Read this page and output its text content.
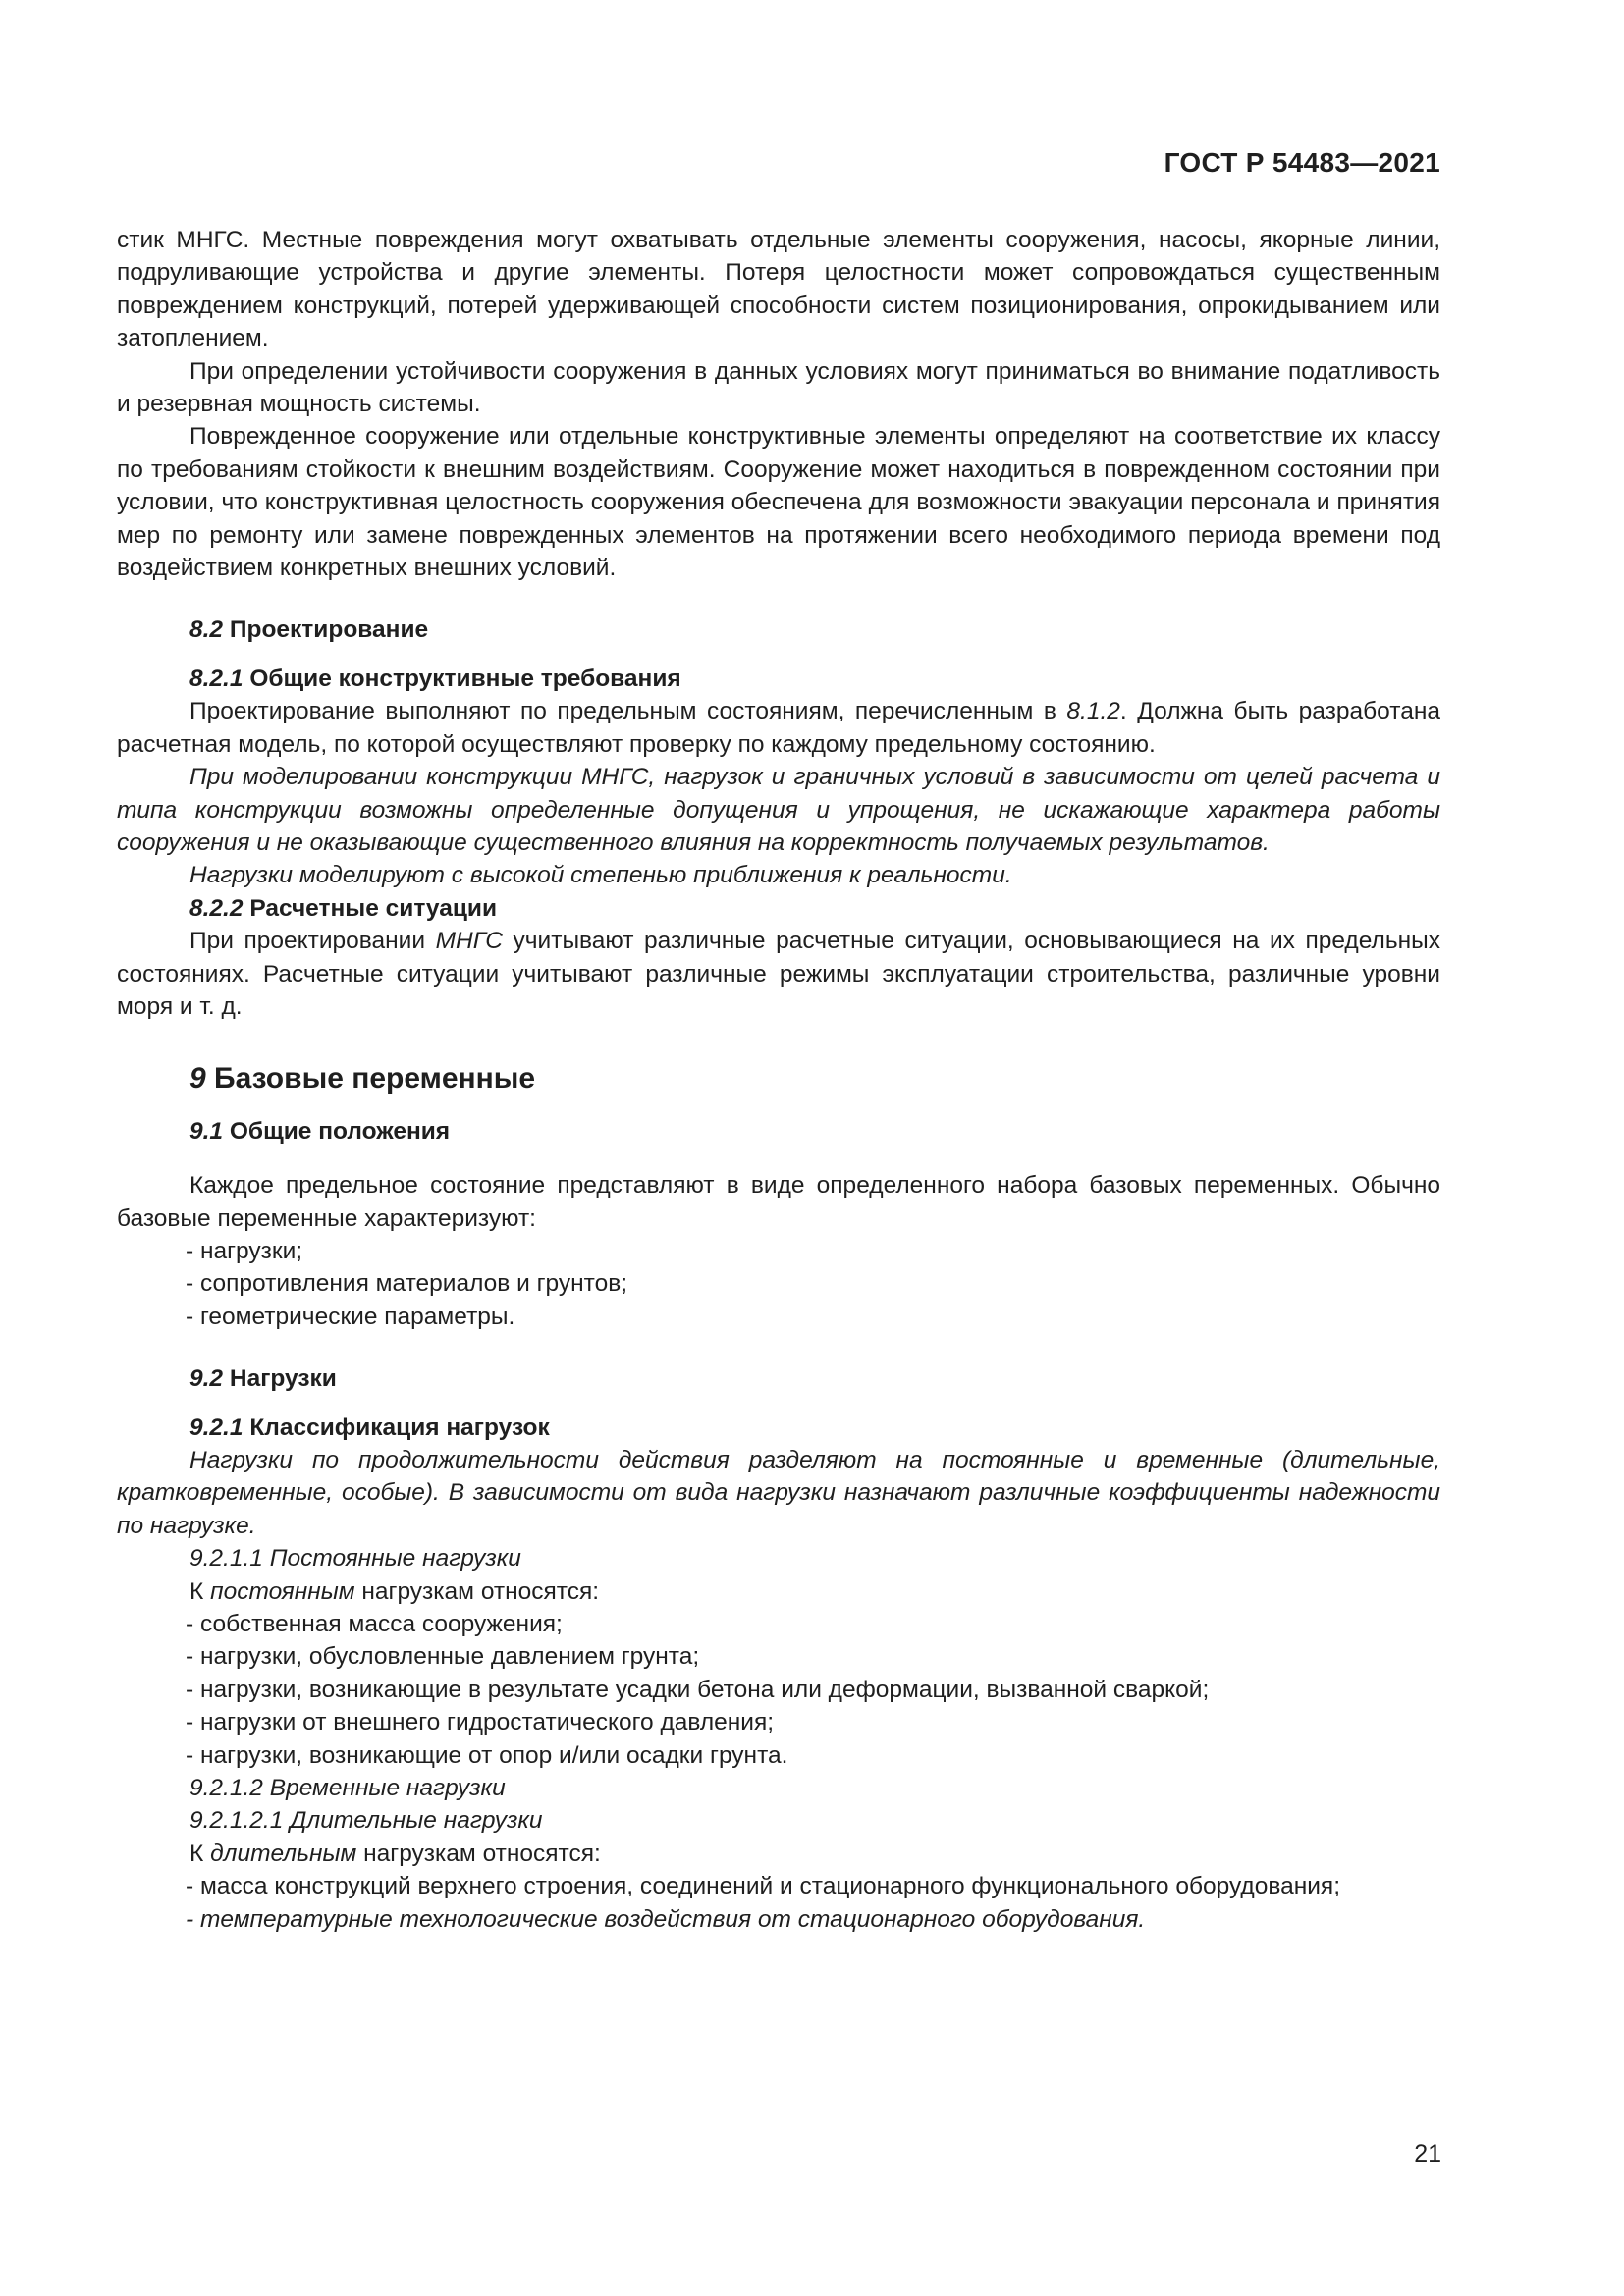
ГОСТ Р 54483—2021

стик МНГС. Местные повреждения могут охватывать отдельные элементы сооружения, насосы, якорные линии, подруливающие устройства и другие элементы. Потеря целостности может сопровождаться существенным повреждением конструкций, потерей удерживающей способности систем позиционирования, опрокидыванием или затоплением.

При определении устойчивости сооружения в данных условиях могут приниматься во внимание податливость и резервная мощность системы.

Поврежденное сооружение или отдельные конструктивные элементы определяют на соответствие их классу по требованиям стойкости к внешним воздействиям. Сооружение может находиться в поврежденном состоянии при условии, что конструктивная целостность сооружения обеспечена для возможности эвакуации персонала и принятия мер по ремонту или замене поврежденных элементов на протяжении всего необходимого периода времени под воздействием конкретных внешних условий.

8.2 Проектирование

8.2.1 Общие конструктивные требования

Проектирование выполняют по предельным состояниям, перечисленным в 8.1.2. Должна быть разработана расчетная модель, по которой осуществляют проверку по каждому предельному состоянию.

При моделировании конструкции МНГС, нагрузок и граничных условий в зависимости от целей расчета и типа конструкции возможны определенные допущения и упрощения, не искажающие характера работы сооружения и не оказывающие существенного влияния на корректность получаемых результатов.

Нагрузки моделируют с высокой степенью приближения к реальности.

8.2.2 Расчетные ситуации

При проектировании МНГС учитывают различные расчетные ситуации, основывающиеся на их предельных состояниях. Расчетные ситуации учитывают различные режимы эксплуатации строительства, различные уровни моря и т. д.

9 Базовые переменные

9.1 Общие положения

Каждое предельное состояние представляют в виде определенного набора базовых переменных. Обычно базовые переменные характеризуют:

- нагрузки;

- сопротивления материалов и грунтов;

- геометрические параметры.

9.2 Нагрузки

9.2.1 Классификация нагрузок

Нагрузки по продолжительности действия разделяют на постоянные и временные (длительные, кратковременные, особые). В зависимости от вида нагрузки назначают различные коэффициенты надежности по нагрузке.

9.2.1.1 Постоянные нагрузки

К постоянным нагрузкам относятся:

- собственная масса сооружения;

- нагрузки, обусловленные давлением грунта;

- нагрузки, возникающие в результате усадки бетона или деформации, вызванной сваркой;

- нагрузки от внешнего гидростатического давления;

- нагрузки, возникающие от опор и/или осадки грунта.

9.2.1.2 Временные нагрузки

9.2.1.2.1 Длительные нагрузки

К длительным нагрузкам относятся:

- масса конструкций верхнего строения, соединений и стационарного функционального оборудования;

- температурные технологические воздействия от стационарного оборудования.

21
